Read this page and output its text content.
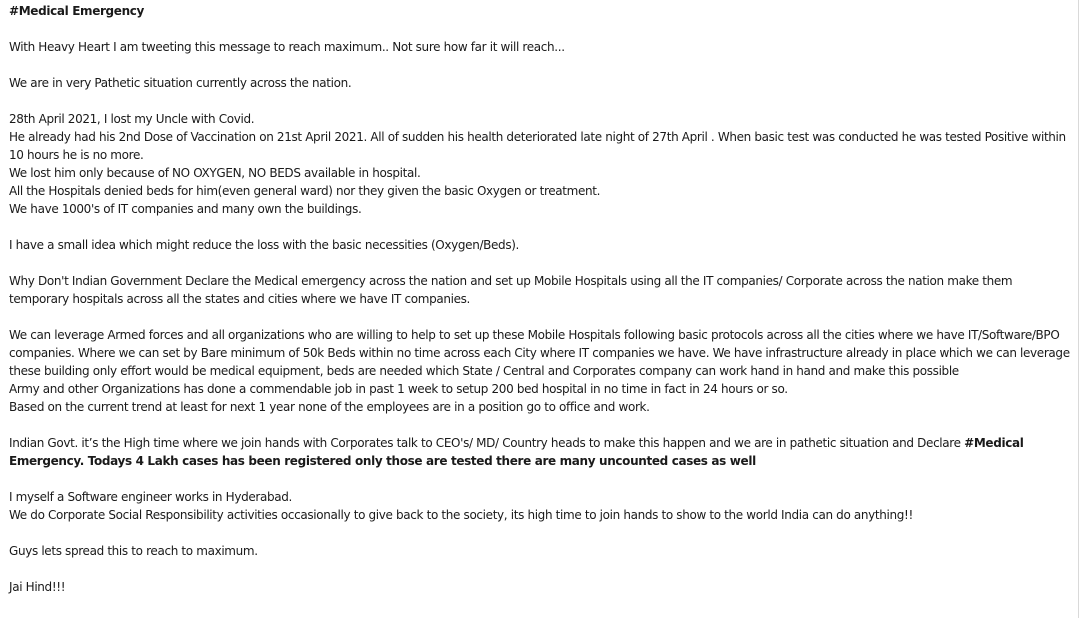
#Medical Emergency

With Heavy Heart I am tweeting this message to reach maximum.. Not sure how far it will reach...

We are in very Pathetic situation currently across the nation.

28th April 2021, I lost my Uncle with Covid.
He already had his 2nd Dose of Vaccination on 21st April 2021. All of sudden his health deteriorated late night of 27th April . When basic test was conducted he was tested Positive within 10 hours he is no more.
We lost him only because of NO OXYGEN, NO BEDS available in hospital.
All the Hospitals denied beds for him(even general ward) nor they given the basic Oxygen or treatment.
We have 1000's of IT companies and many own the buildings.

I have a small idea which might reduce the loss with the basic necessities (Oxygen/Beds).

Why Don't Indian Government Declare the Medical emergency across the nation and set up Mobile Hospitals using all the IT companies/ Corporate across the nation make them temporary hospitals across all the states and cities where we have IT companies.

We can leverage Armed forces and all organizations who are willing to help to set up these Mobile Hospitals following basic protocols across all the cities where we have IT/Software/BPO companies. Where we can set by Bare minimum of 50k Beds within no time across each City where IT companies we have. We have infrastructure already in place which we can leverage these building only effort would be medical equipment, beds are needed which State / Central and Corporates company can work hand in hand and make this possible
Army and other Organizations has done a commendable job in past 1 week to setup 200 bed hospital in no time in fact in 24 hours or so.
Based on the current trend at least for next 1 year none of the employees are in a position go to office and work.

Indian Govt. it’s the High time where we join hands with Corporates talk to CEO's/ MD/ Country heads to make this happen and we are in pathetic situation and Declare #Medical Emergency. Todays 4 Lakh cases has been registered only those are tested there are many uncounted cases as well

I myself a Software engineer works in Hyderabad.
We do Corporate Social Responsibility activities occasionally to give back to the society, its high time to join hands to show to the world India can do anything!!

Guys lets spread this to reach to maximum.

Jai Hind!!!
